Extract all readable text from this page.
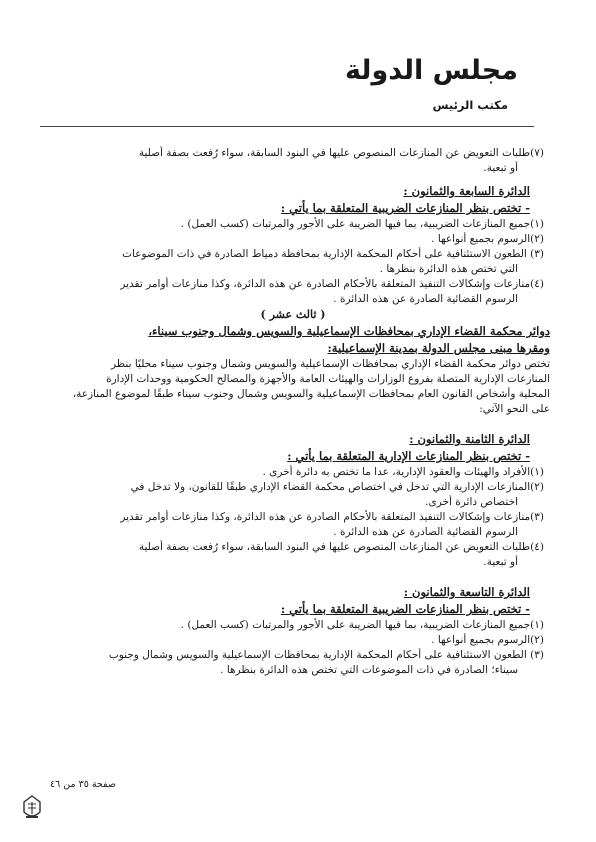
مجلس الدولة
مكتب الرئيس
(٧)طلبات التعويض عن المنازعات المنصوص عليها في البنود السابقة، سواء رُفعت بصفة أصلية
أو تبعية.
الدائرة السابعة والثمانون :
- تختص بنظر المنازعات الضريبية المتعلقة بما يأتي :
(١)جميع المنازعات الضريبية، بما فيها الضريبة على الأجور والمرتبات (كسب العمل) .
(٢)الرسوم بجميع أنواعها .
(٣) الطعون الاستئنافية على أحكام المحكمة الإدارية بمحافظة دمياط الصادرة في ذات الموضوعات
التي تختص هذه الدائرة بنظرها .
(٤)منازعات وإشكالات التنفيذ المتعلقة بالأحكام الصادرة عن هذه الدائرة، وكذا منازعات أوامر تقدير
الرسوم القضائية الصادرة عن هذه الدائرة .
( ثالث عشر )
دوائر محكمة القضاء الإداري بمحافظات الإسماعيلية والسويس وشمال وجنوب سيناء،
ومقرها مبنى مجلس الدولة بمدينة الإسماعيلية:
تختص دوائر محكمة القضاء الإداري بمحافظات الإسماعيلية والسويس وشمال وجنوب سيناء محليًا بنظر
المنازعات الإدارية المتصلة بفروع الوزارات والهيئات العامة والأجهزة والمصالح الحكومية ووحدات الإدارة
المحلية وأشخاص القانون العام بمحافظات الإسماعيلية والسويس وشمال وجنوب سيناء طبقًا لموضوع المنازعة،
على النحو الآتي:
الدائرة الثامنة والثمانون :
- تختص بنظر المنازعات الإدارية المتعلقة بما يأتي :
(١)الأفراد والهيئات والعقود الإدارية، عدا ما تختص به دائرة أخرى .
(٢)المنازعات الإدارية التي تدخل في اختصاص محكمة القضاء الإداري طبقًا للقانون، ولا تدخل في
اختصاص دائرة أخرى.
(٣)منازعات وإشكالات التنفيذ المتعلقة بالأحكام الصادرة عن هذه الدائرة، وكذا منازعات أوامر تقدير
الرسوم القضائية الصادرة عن هذه الدائرة .
(٤)طلبات التعويض عن المنازعات المنصوص عليها في البنود السابقة، سواء رُفعت بصفة أصلية
أو تبعية.
الدائرة التاسعة والثمانون :
- تختص بنظر المنازعات الضريبية المتعلقة بما يأتي :
(١)جميع المنازعات الضريبية، بما فيها الضريبة على الأجور والمرتبات (كسب العمل) .
(٢)الرسوم بجميع أنواعها .
(٣) الطعون الاستئنافية على أحكام المحكمة الإدارية بمحافظات الإسماعيلية والسويس وشمال وجنوب
سيناء؛ الصادرة في ذات الموضوعات التي تختص هذه الدائرة بنظرها .
صفحة ٣٥ من ٤٦
